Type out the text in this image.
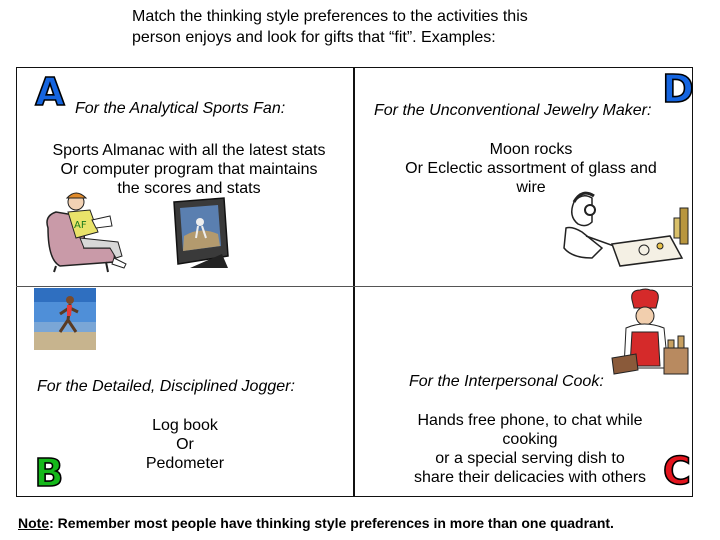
Match the thinking style preferences to the activities this
person enjoys and look for gifts that “fit”. Examples:
A For the Analytical Sports Fan:
Sports Almanac with all the latest stats
Or computer program that maintains
the scores and stats
AF
D
For the Unconventional Jewelry Maker:
Moon rocks
Or Eclectic assortment of glass and
wire
For the Detailed, Disciplined Jogger:
Log book
Or
Pedometer
B
For the Interpersonal Cook:
Hands free phone, to chat while
cooking
or a special serving dish to
share their delicacies with others C
Note: Remember most people have thinking style preferences in more than one quadrant.
